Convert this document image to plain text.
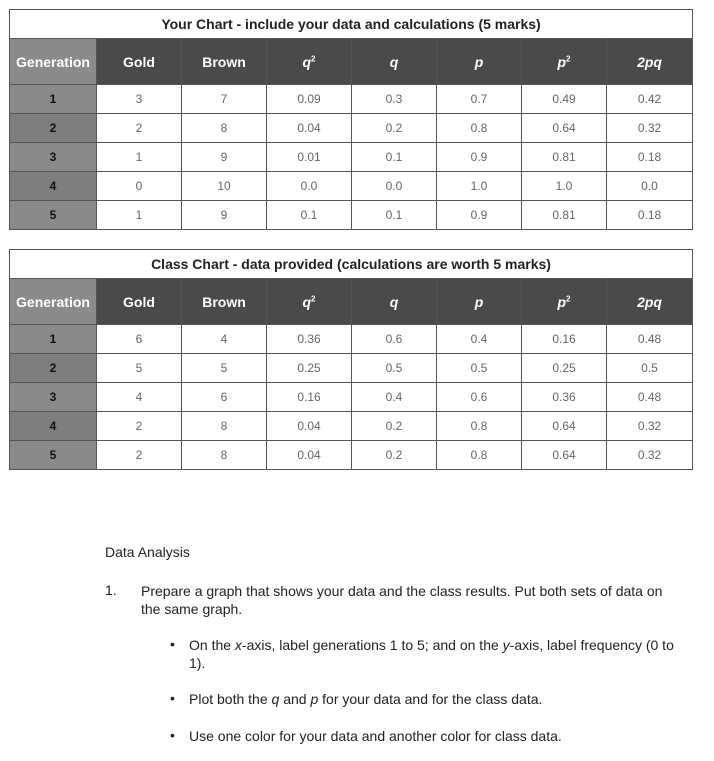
Your Chart - include your data and calculations (5 marks)							
Generation	Gold	Brown	$q^2$	q	p	$p^2$	2pq
1	3	7	0.09	0.3	0.7	0.49	0.42
2	2	8	0.04	0.2	0.8	0.64	0.32
3	1	9	0.01	0.1	0.9	0.81	0.18
4	0	10	0.0	0.0	1.0	1.0	0.0
5	1	9	0.1	0.1	0.9	0.81	0.18
Class Chart - data provided (calculations are worth 5 marks)							
Generation	Gold	Brown	$q^2$	q	p	$p^2$	2pq
1	6	4	0.36	0.6	0.4	0.16	0.48
2	5	5	0.25	0.5	0.5	0.25	0.5
3	4	6	0.16	0.4	0.6	0.36	0.48
4	2	8	0.04	0.2	0.8	0.64	0.32
5	2	8	0.04	0.2	0.8	0.64	0.32
Data Analysis
1. Prepare a graph that shows your data and the class results. Put both sets of data on the same graph.
• On the x-axis, label generations 1 to 5; and on the y-axis, label frequency (0 to 1).
• Plot both the q and p for your data and for the class data.
• Use one color for your data and another color for class data.
